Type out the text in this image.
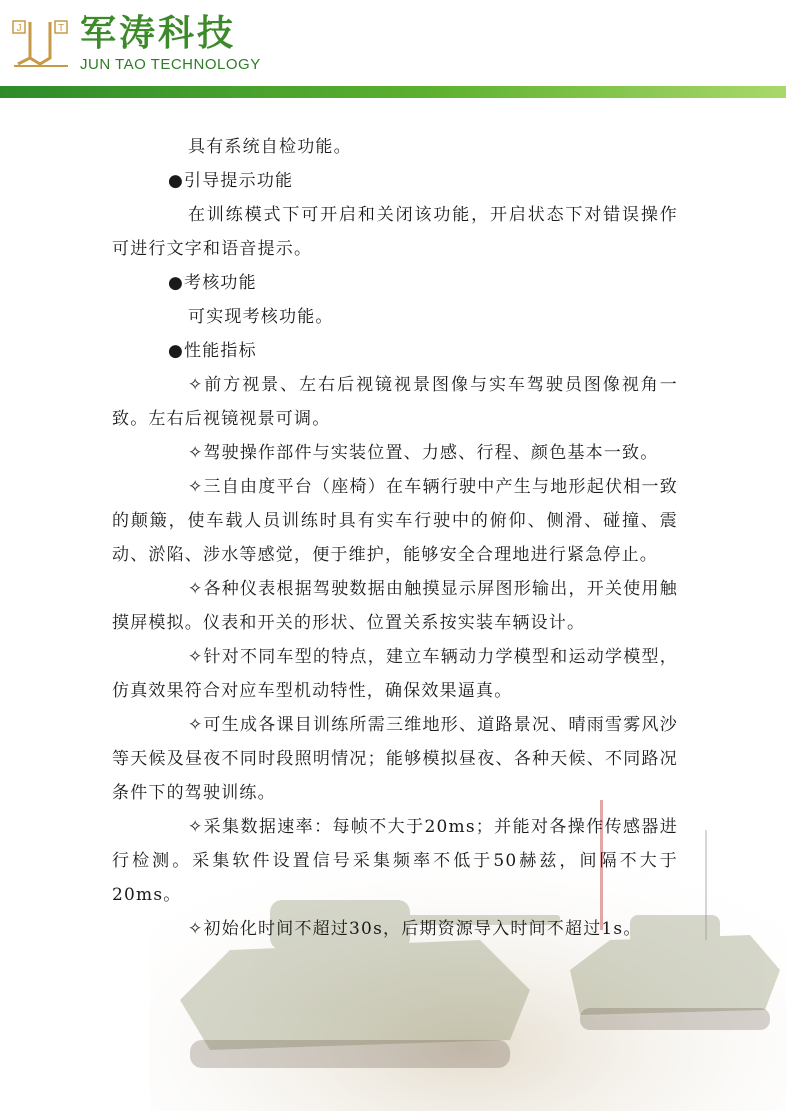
J	T 军涛科技
JUN TAO TECHNOLOGY

具有系统自检功能。

●引导提示功能

在训练模式下可开启和关闭该功能，开启状态下对错误操作可进行文字和语音提示。

●考核功能

可实现考核功能。

●性能指标

✧前方视景、左右后视镜视景图像与实车驾驶员图像视角一致。左右后视镜视景可调。

✧驾驶操作部件与实装位置、力感、行程、颜色基本一致。

✧三自由度平台（座椅）在车辆行驶中产生与地形起伏相一致的颠簸，使车载人员训练时具有实车行驶中的俯仰、侧滑、碰撞、震动、淤陷、涉水等感觉，便于维护，能够安全合理地进行紧急停止。

✧各种仪表根据驾驶数据由触摸显示屏图形输出，开关使用触摸屏模拟。仪表和开关的形状、位置关系按实装车辆设计。

✧针对不同车型的特点，建立车辆动力学模型和运动学模型，仿真效果符合对应车型机动特性，确保效果逼真。

✧可生成各课目训练所需三维地形、道路景况、晴雨雪雾风沙等天候及昼夜不同时段照明情况；能够模拟昼夜、各种天候、不同路况条件下的驾驶训练。

✧采集数据速率：每帧不大于20ms；并能对各操作传感器进行检测。采集软件设置信号采集频率不低于50赫兹，间隔不大于20ms。

✧初始化时间不超过30s，后期资源导入时间不超过1s。
